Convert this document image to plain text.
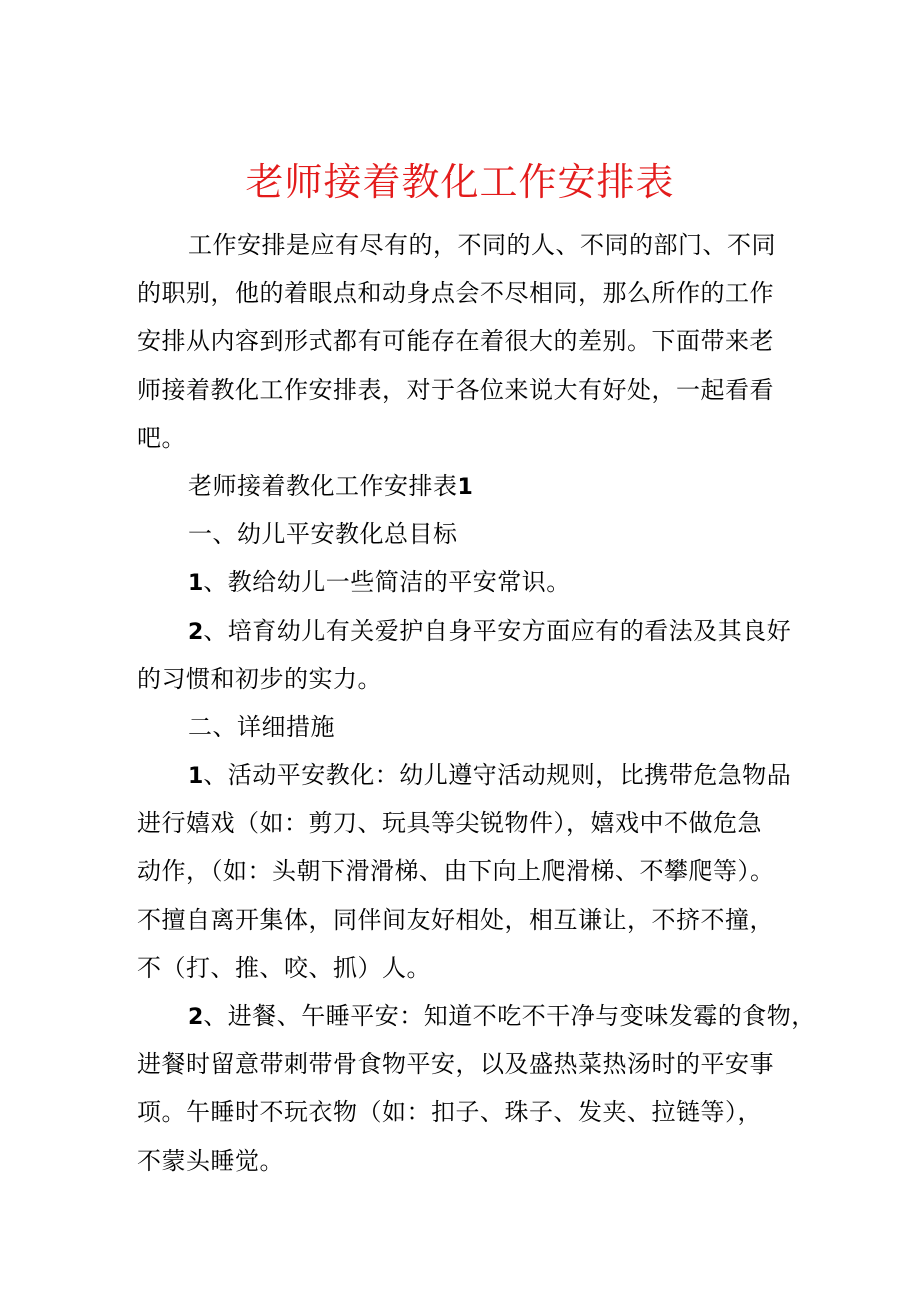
老师接着教化工作安排表

工作安排是应有尽有的，不同的人、不同的部门、不同

的职别，他的着眼点和动身点会不尽相同，那么所作的工作

安排从内容到形式都有可能存在着很大的差别。下面带来老

师接着教化工作安排表，对于各位来说大有好处，一起看看

吧。

老师接着教化工作安排表1

一、幼儿平安教化总目标

1、教给幼儿一些简洁的平安常识。

2、培育幼儿有关爱护自身平安方面应有的看法及其良好

的习惯和初步的实力。

二、详细措施

1、活动平安教化：幼儿遵守活动规则，比携带危急物品

进行嬉戏（如：剪刀、玩具等尖锐物件），嬉戏中不做危急

动作，（如：头朝下滑滑梯、由下向上爬滑梯、不攀爬等）。

不擅自离开集体，同伴间友好相处，相互谦让，不挤不撞，

不（打、推、咬、抓）人。

2、进餐、午睡平安：知道不吃不干净与变味发霉的食物，

进餐时留意带刺带骨食物平安，以及盛热菜热汤时的平安事

项。午睡时不玩衣物（如：扣子、珠子、发夹、拉链等），

不蒙头睡觉。
